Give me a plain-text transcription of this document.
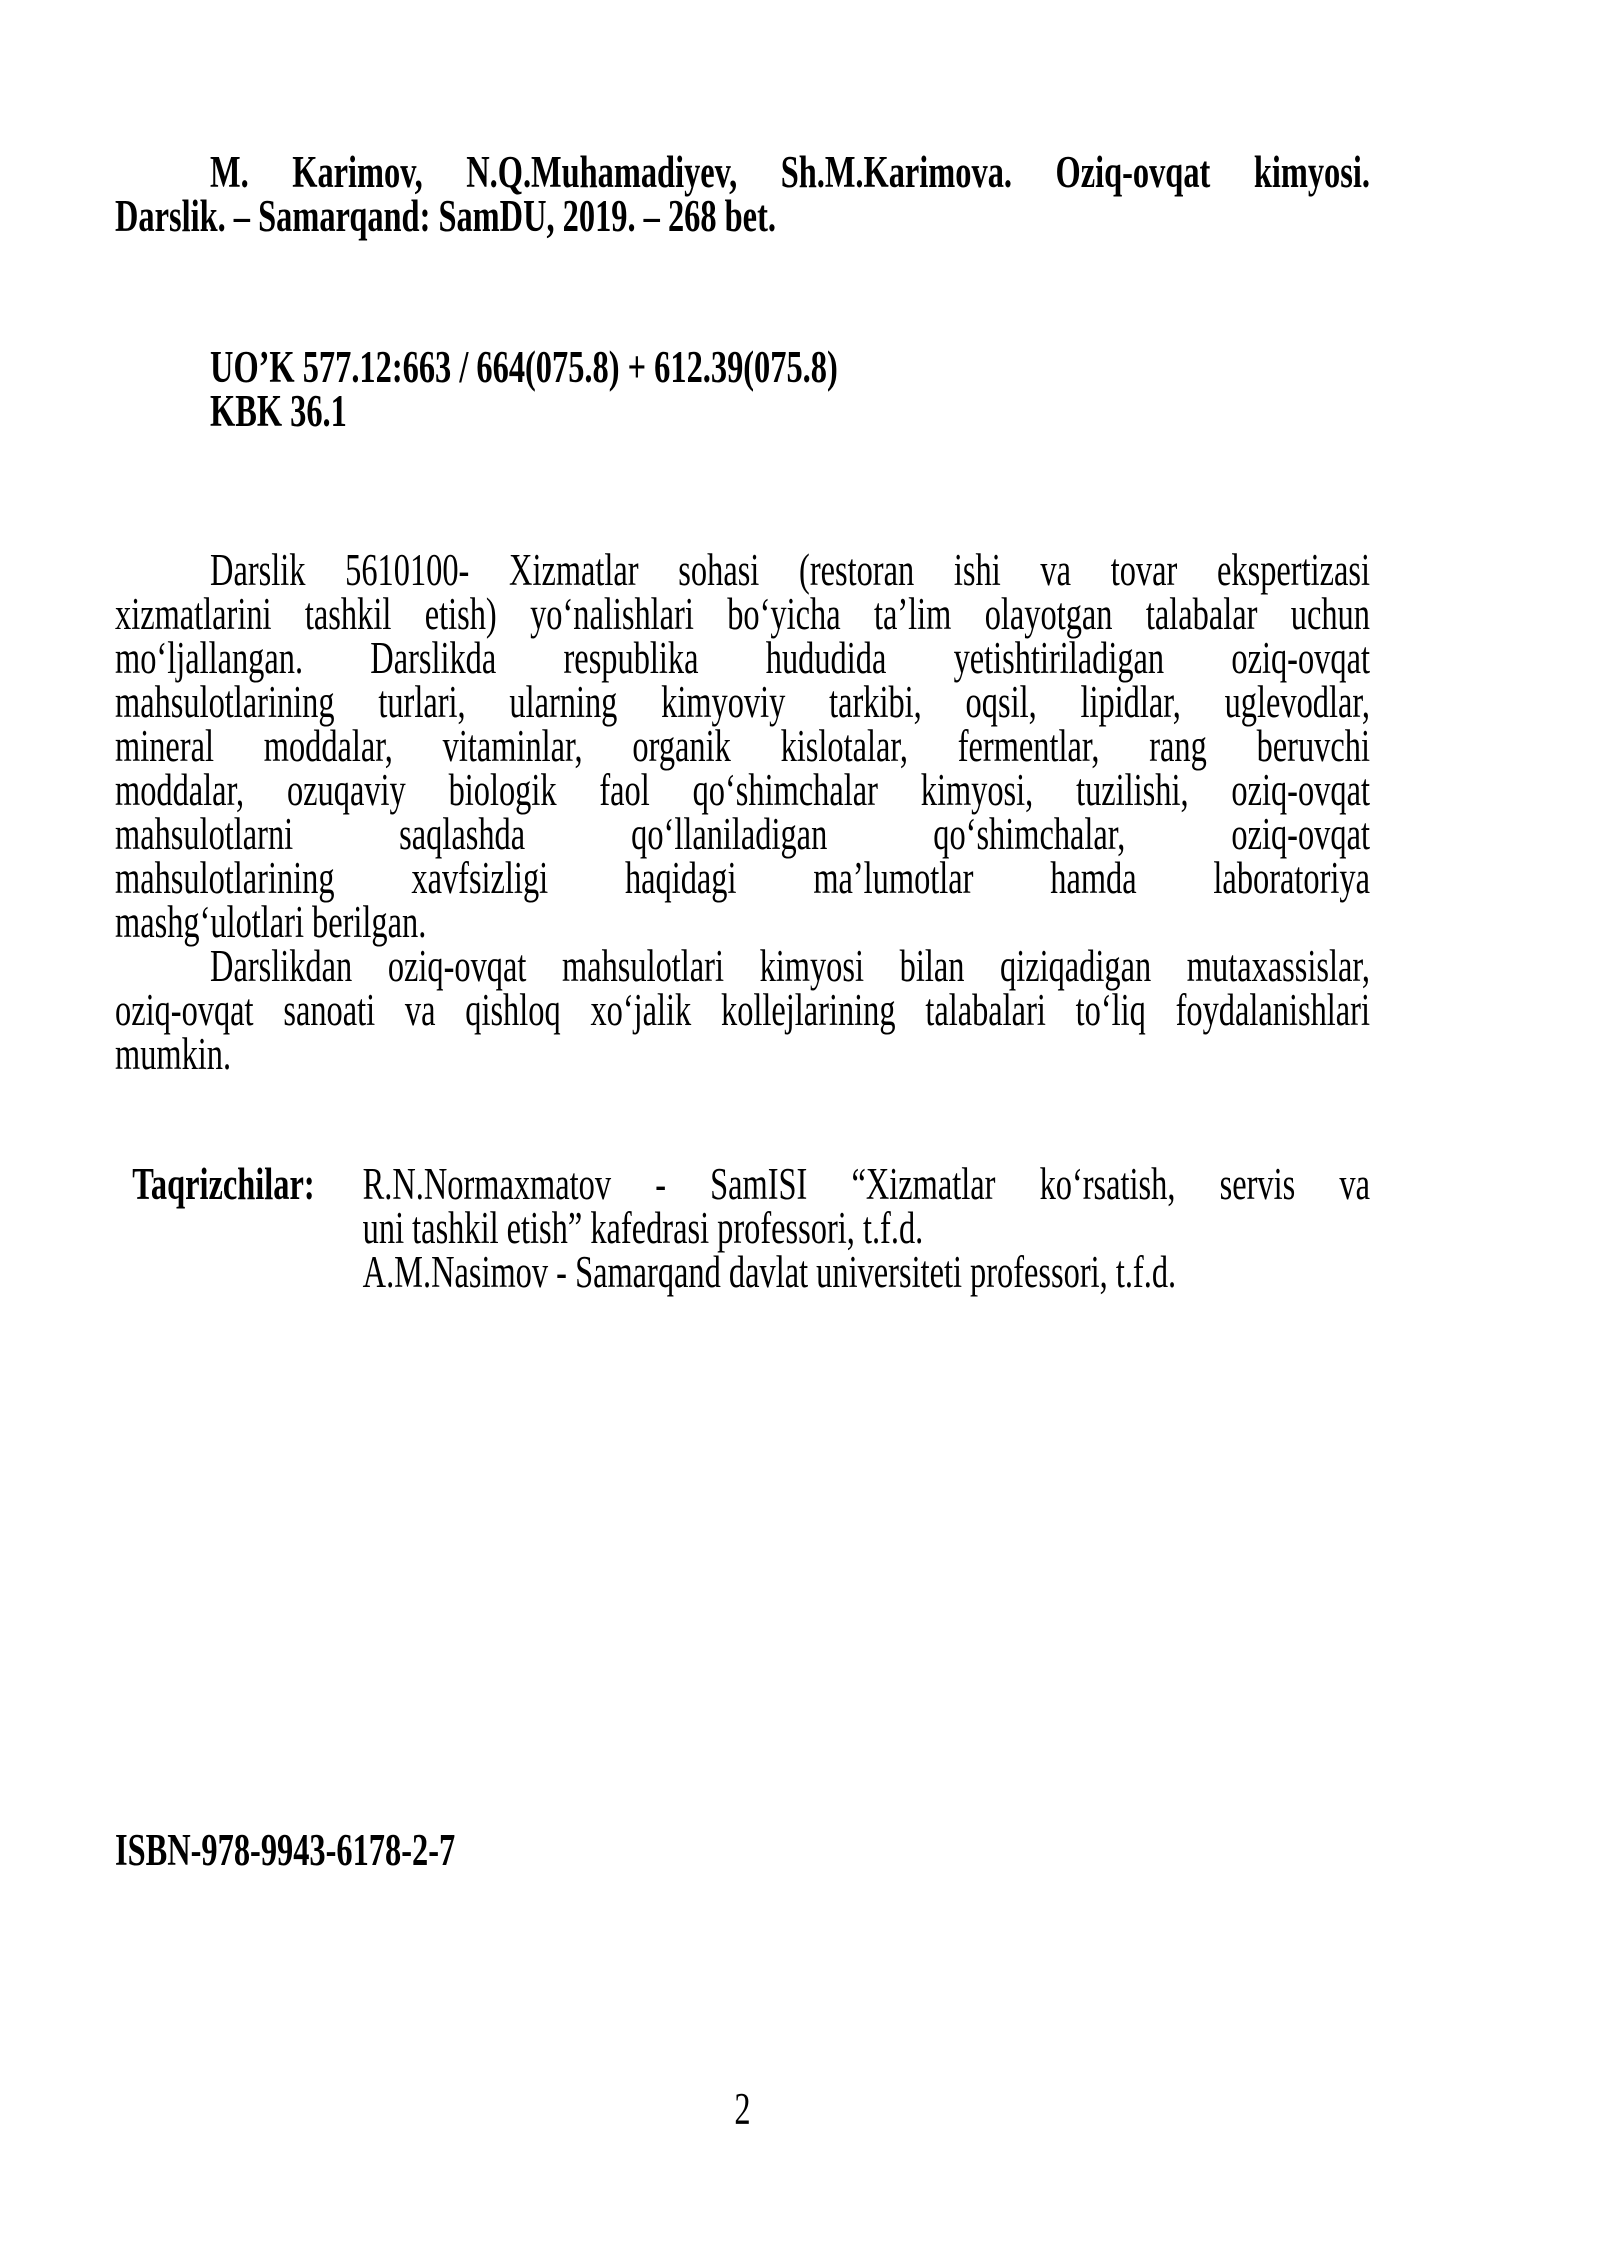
M. Karimov, N.Q.Muhamadiyev, Sh.M.Karimova. Oziq-ovqat kimyosi.
Darslik. – Samarqand: SamDU, 2019. – 268 bet.
UO’K 577.12:663 / 664(075.8) + 612.39(075.8)
KBK 36.1
Darslik 5610100- Xizmatlar sohasi (restoran ishi va tovar ekspertizasi
xizmatlarini tashkil etish) yo‘nalishlari bo‘yicha ta’lim olayotgan talabalar uchun
mo‘ljallangan. Darslikda respublika hududida yetishtiriladigan oziq-ovqat
mahsulotlarining turlari, ularning kimyoviy tarkibi, oqsil, lipidlar, uglevodlar,
mineral moddalar, vitaminlar, organik kislotalar, fermentlar, rang beruvchi
moddalar, ozuqaviy biologik faol qo‘shimchalar kimyosi, tuzilishi, oziq-ovqat
mahsulotlarni saqlashda qo‘llaniladigan qo‘shimchalar, oziq-ovqat
mahsulotlarining xavfsizligi haqidagi ma’lumotlar hamda laboratoriya
mashg‘ulotlari berilgan.
Darslikdan oziq-ovqat mahsulotlari kimyosi bilan qiziqadigan mutaxassislar,
oziq-ovqat sanoati va qishloq xo‘jalik kollejlarining talabalari to‘liq foydalanishlari
mumkin.
Taqrizchilar: R.N.Normaxmatov - SamISI “Xizmatlar ko‘rsatish, servis va
uni tashkil etish” kafedrasi professori, t.f.d.
A.M.Nasimov - Samarqand davlat universiteti professori, t.f.d.
ISBN-978-9943-6178-2-7
2
